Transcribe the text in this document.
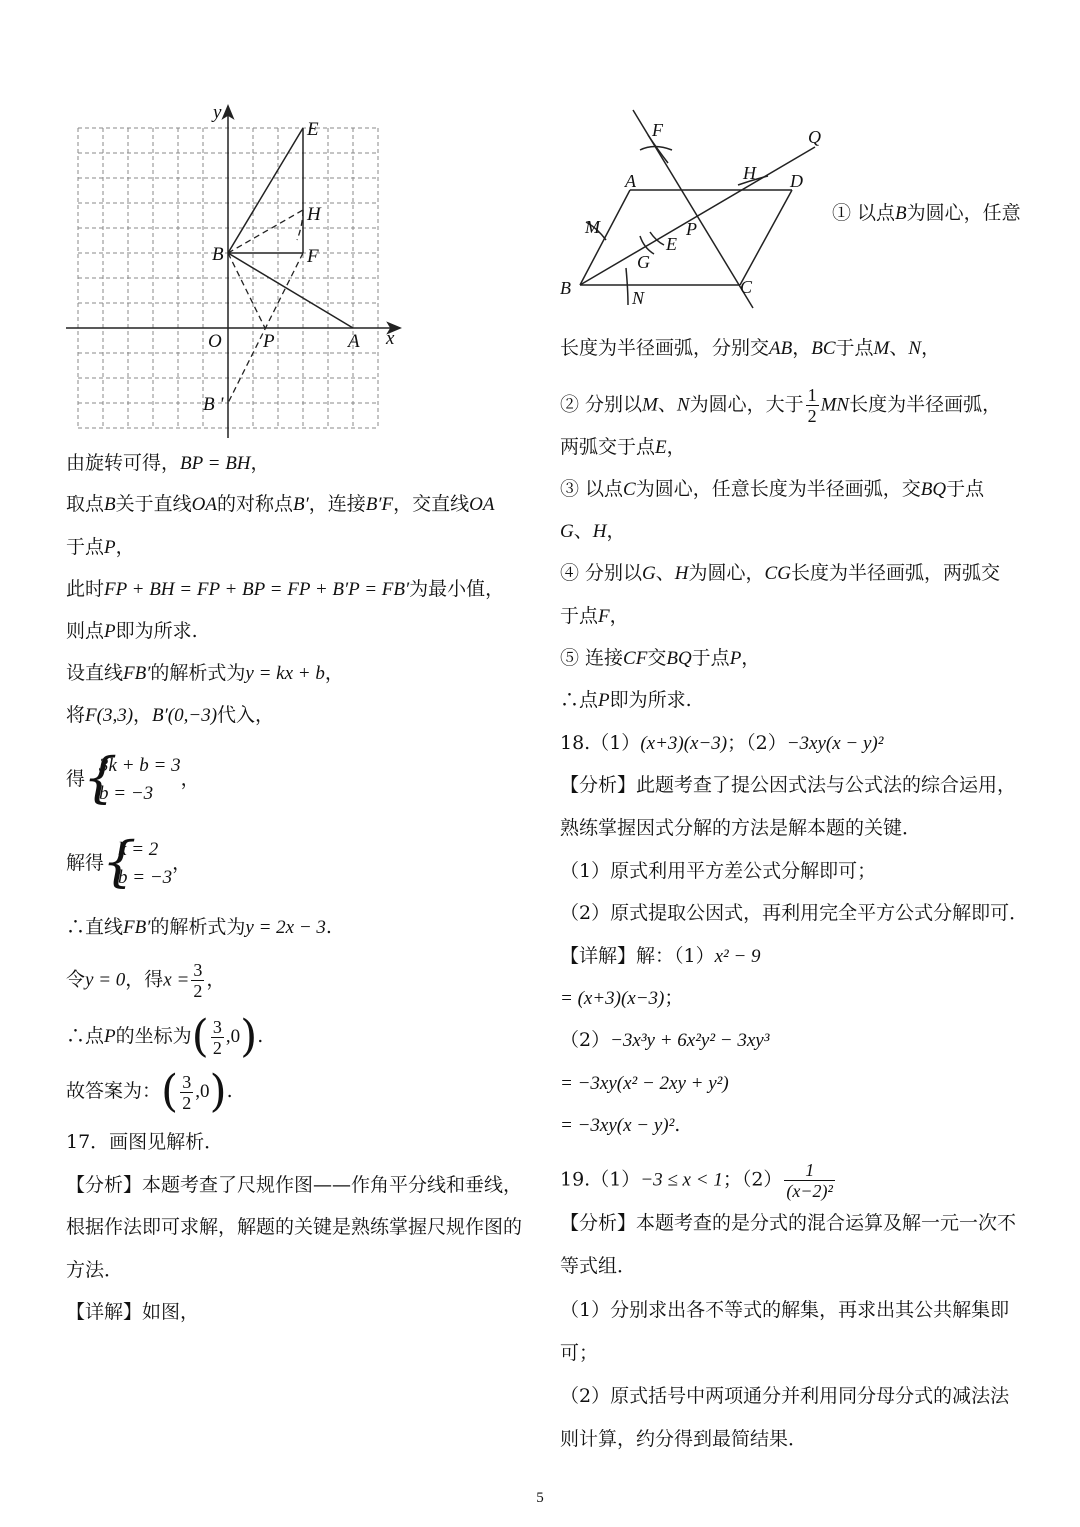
y
x
E
H
B	F
O P	A
B '
F	Q
A	H D
M	P
E
G
B	N
C
由旋转可得，BP = BH，
取点B关于直线OA的对称点B′，连接B′F，交直线OA
于点P，
此时FP + BH = FP + BP = FP + B′P = FB′为最小值，
则点P即为所求.
设直线FB′的解析式为y = kx + b，
将F(3,3)，B′(0,−3)代入，
得
{ 3k + b = 3
b = −3
，
解得
{ k = 2
b = −3
，
∴直线FB′的解析式为y = 2x − 3.
令y = 0，得$x = \frac{3}{2}$ ，
∴点P的坐标为( $\frac{3}{2} ,0$).
故答案为：( $\frac{3}{2} ,0$).
17．画图见解析．
【分析】本题考查了尺规作图——作角平分线和垂线，
根据作法即可求解，解题的关键是熟练掌握尺规作图的
方法．
【详解】如图，
① 以点B为圆心，任意
长度为半径画弧，分别交AB，BC于点M、N，
② 分别以M、N为圆心，大于 $\frac{1}{2}$ MN长度为半径画弧，
两弧交于点E，
③ 以点C为圆心，任意长度为半径画弧，交BQ于点
G、H，
④ 分别以G、H为圆心，CG长度为半径画弧，两弧交
于点F，
⑤ 连接CF交BQ于点P，
∴点P即为所求.
18.（1）(x+3)(x−3)；（2）−3xy(x − y)²
【分析】此题考查了提公因式法与公式法的综合运用，
熟练掌握因式分解的方法是解本题的关键．
（1）原式利用平方差公式分解即可；
（2）原式提取公因式，再利用完全平方公式分解即可．
【详解】解：（1）x² − 9
= (x+3)(x−3)；
（2）−3x³y + 6x²y² − 3xy³
= −3xy(x² − 2xy + y²)
= −3xy(x − y)².
19.（1）−3 ≤ x < 1；$(2) \frac{1}{\text{(x−2)²}}$
【分析】本题考查的是分式的混合运算及解一元一次不
等式组．
（1）分别求出各不等式的解集，再求出其公共解集即
可；
（2）原式括号中两项通分并利用同分母分式的减法法
则计算，约分得到最简结果．
5
